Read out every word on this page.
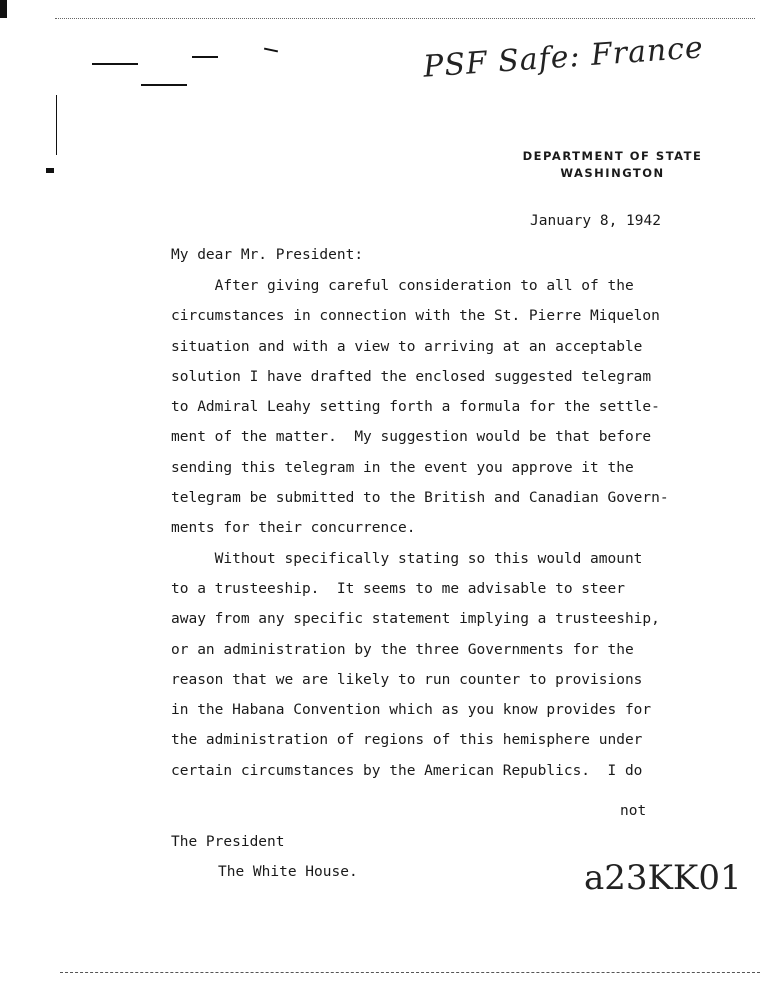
PSF Safe: France
a23KK01
DEPARTMENT OF STATE
WASHINGTON
January 8, 1942
My dear Mr. President:
After giving careful consideration to all of the
circumstances in connection with the St. Pierre Miquelon
situation and with a view to arriving at an acceptable
solution I have drafted the enclosed suggested telegram
to Admiral Leahy setting forth a formula for the settle-
ment of the matter.  My suggestion would be that before
sending this telegram in the event you approve it the
telegram be submitted to the British and Canadian Govern-
ments for their concurrence.
Without specifically stating so this would amount
to a trusteeship.  It seems to me advisable to steer
away from any specific statement implying a trusteeship,
or an administration by the three Governments for the
reason that we are likely to run counter to provisions
in the Habana Convention which as you know provides for
the administration of regions of this hemisphere under
certain circumstances by the American Republics.  I do
not
The President
The White House.
